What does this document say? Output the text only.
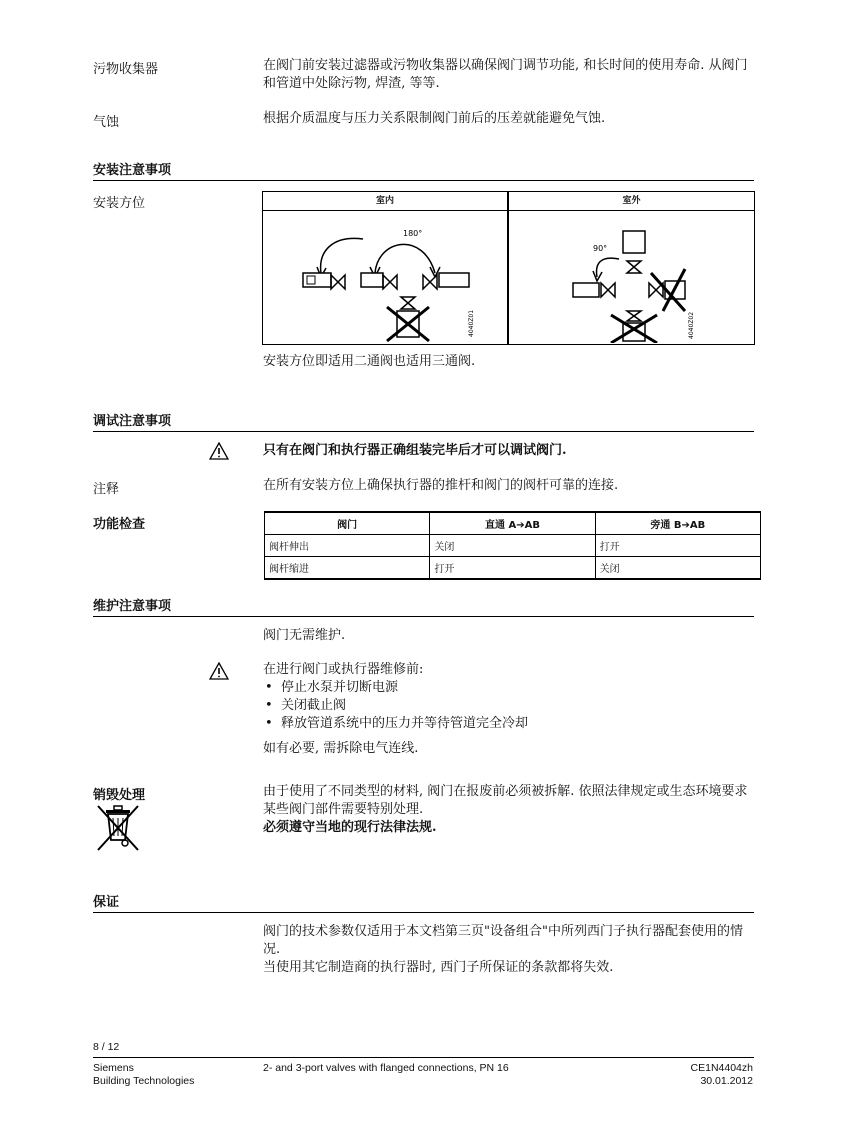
污物收集器	在阀门前安装过滤器或污物收集器以确保阀门调节功能, 和长时间的使用寿命. 从阀门和管道中处除污物, 焊渣, 等等.
气蚀	根据介质温度与压力关系限制阀门前后的压差就能避免气蚀.
安装注意事项
安装方位	室内
180°
4040Z01
室外
90°
4040Z02
安装方位即适用二通阀也适用三通阀.
调试注意事项
只有在阀门和执行器正确组装完毕后才可以调试阀门.
注释	在所有安装方位上确保执行器的推杆和阀门的阀杆可靠的连接.
功能检查	阀门	直通 A➔AB	旁通 B➔AB
阀杆伸出	关闭	打开
阀杆缩进	打开	关闭
维护注意事项
阀门无需维护.
在进行阀门或执行器维修前:
• 停止水泵并切断电源
• 关闭截止阀
• 释放管道系统中的压力并等待管道完全冷却
如有必要, 需拆除电气连线.
销毁处理	由于使用了不同类型的材料, 阀门在报废前必须被拆解. 依照法律规定或生态环境要求某些阀门部件需要特别处理.
必须遵守当地的现行法律法规.
保证
阀门的技术参数仅适用于本文档第三页"设备组合"中所列西门子执行器配套使用的情况.
当使用其它制造商的执行器时, 西门子所保证的条款都将失效.
8 / 12
Siemens
Building Technologies
2- and 3-port valves with flanged connections, PN 16	CE1N4404zh
30.01.2012
